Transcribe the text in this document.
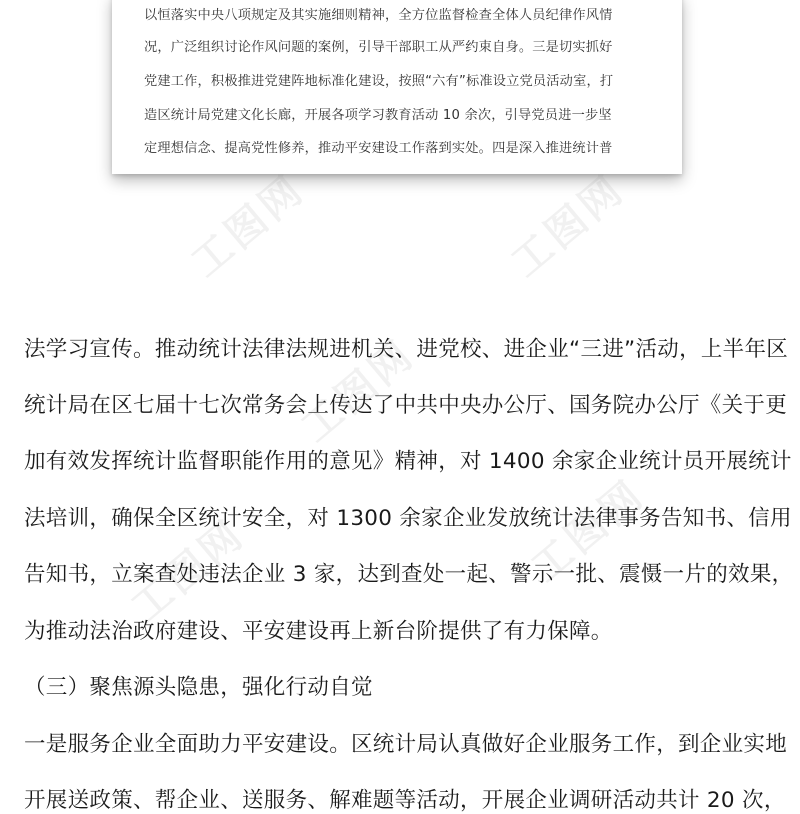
以恒落实中央八项规定及其实施细则精神，全方位监督检查全体人员纪律作风情
况，广泛组织讨论作风问题的案例，引导干部职工从严约束自身。三是切实抓好
党建工作，积极推进党建阵地标准化建设，按照“六有”标准设立党员活动室，打
造区统计局党建文化长廊，开展各项学习教育活动 10 余次，引导党员进一步坚
定理想信念、提高党性修养，推动平安建设工作落到实处。四是深入推进统计普
工图网	工图网
工图网
工图网
工图网
法学习宣传。推动统计法律法规进机关、进党校、进企业“三进”活动，上半年区
统计局在区七届十七次常务会上传达了中共中央办公厅、国务院办公厅《关于更
加有效发挥统计监督职能作用的意见》精神，对 1400 余家企业统计员开展统计
法培训，确保全区统计安全，对 1300 余家企业发放统计法律事务告知书、信用
告知书，立案查处违法企业 3 家，达到查处一起、警示一批、震慑一片的效果，
为推动法治政府建设、平安建设再上新台阶提供了有力保障。
（三）聚焦源头隐患，强化行动自觉
一是服务企业全面助力平安建设。区统计局认真做好企业服务工作，到企业实地
开展送政策、帮企业、送服务、解难题等活动，开展企业调研活动共计 20 次，
